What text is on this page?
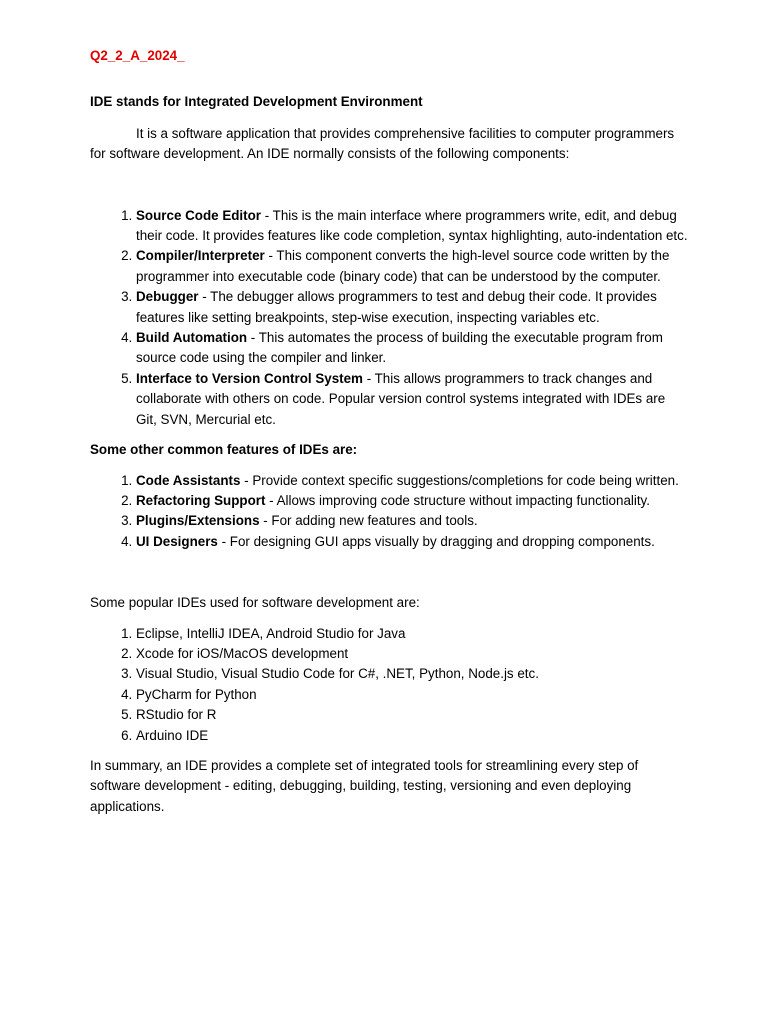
Q2_2_A_2024_

IDE stands for Integrated Development Environment

It is a software application that provides comprehensive facilities to computer programmers for software development. An IDE normally consists of the following components:

1. Source Code Editor - This is the main interface where programmers write, edit, and debug their code. It provides features like code completion, syntax highlighting, auto-indentation etc.
2. Compiler/Interpreter - This component converts the high-level source code written by the programmer into executable code (binary code) that can be understood by the computer.
3. Debugger - The debugger allows programmers to test and debug their code. It provides features like setting breakpoints, step-wise execution, inspecting variables etc.
4. Build Automation - This automates the process of building the executable program from source code using the compiler and linker.
5. Interface to Version Control System - This allows programmers to track changes and collaborate with others on code. Popular version control systems integrated with IDEs are Git, SVN, Mercurial etc.

Some other common features of IDEs are:

1. Code Assistants - Provide context specific suggestions/completions for code being written.
2. Refactoring Support - Allows improving code structure without impacting functionality.
3. Plugins/Extensions - For adding new features and tools.
4. UI Designers - For designing GUI apps visually by dragging and dropping components.

Some popular IDEs used for software development are:

1. Eclipse, IntelliJ IDEA, Android Studio for Java
2. Xcode for iOS/MacOS development
3. Visual Studio, Visual Studio Code for C#, .NET, Python, Node.js etc.
4. PyCharm for Python
5. RStudio for R
6. Arduino IDE

In summary, an IDE provides a complete set of integrated tools for streamlining every step of software development - editing, debugging, building, testing, versioning and even deploying applications.
